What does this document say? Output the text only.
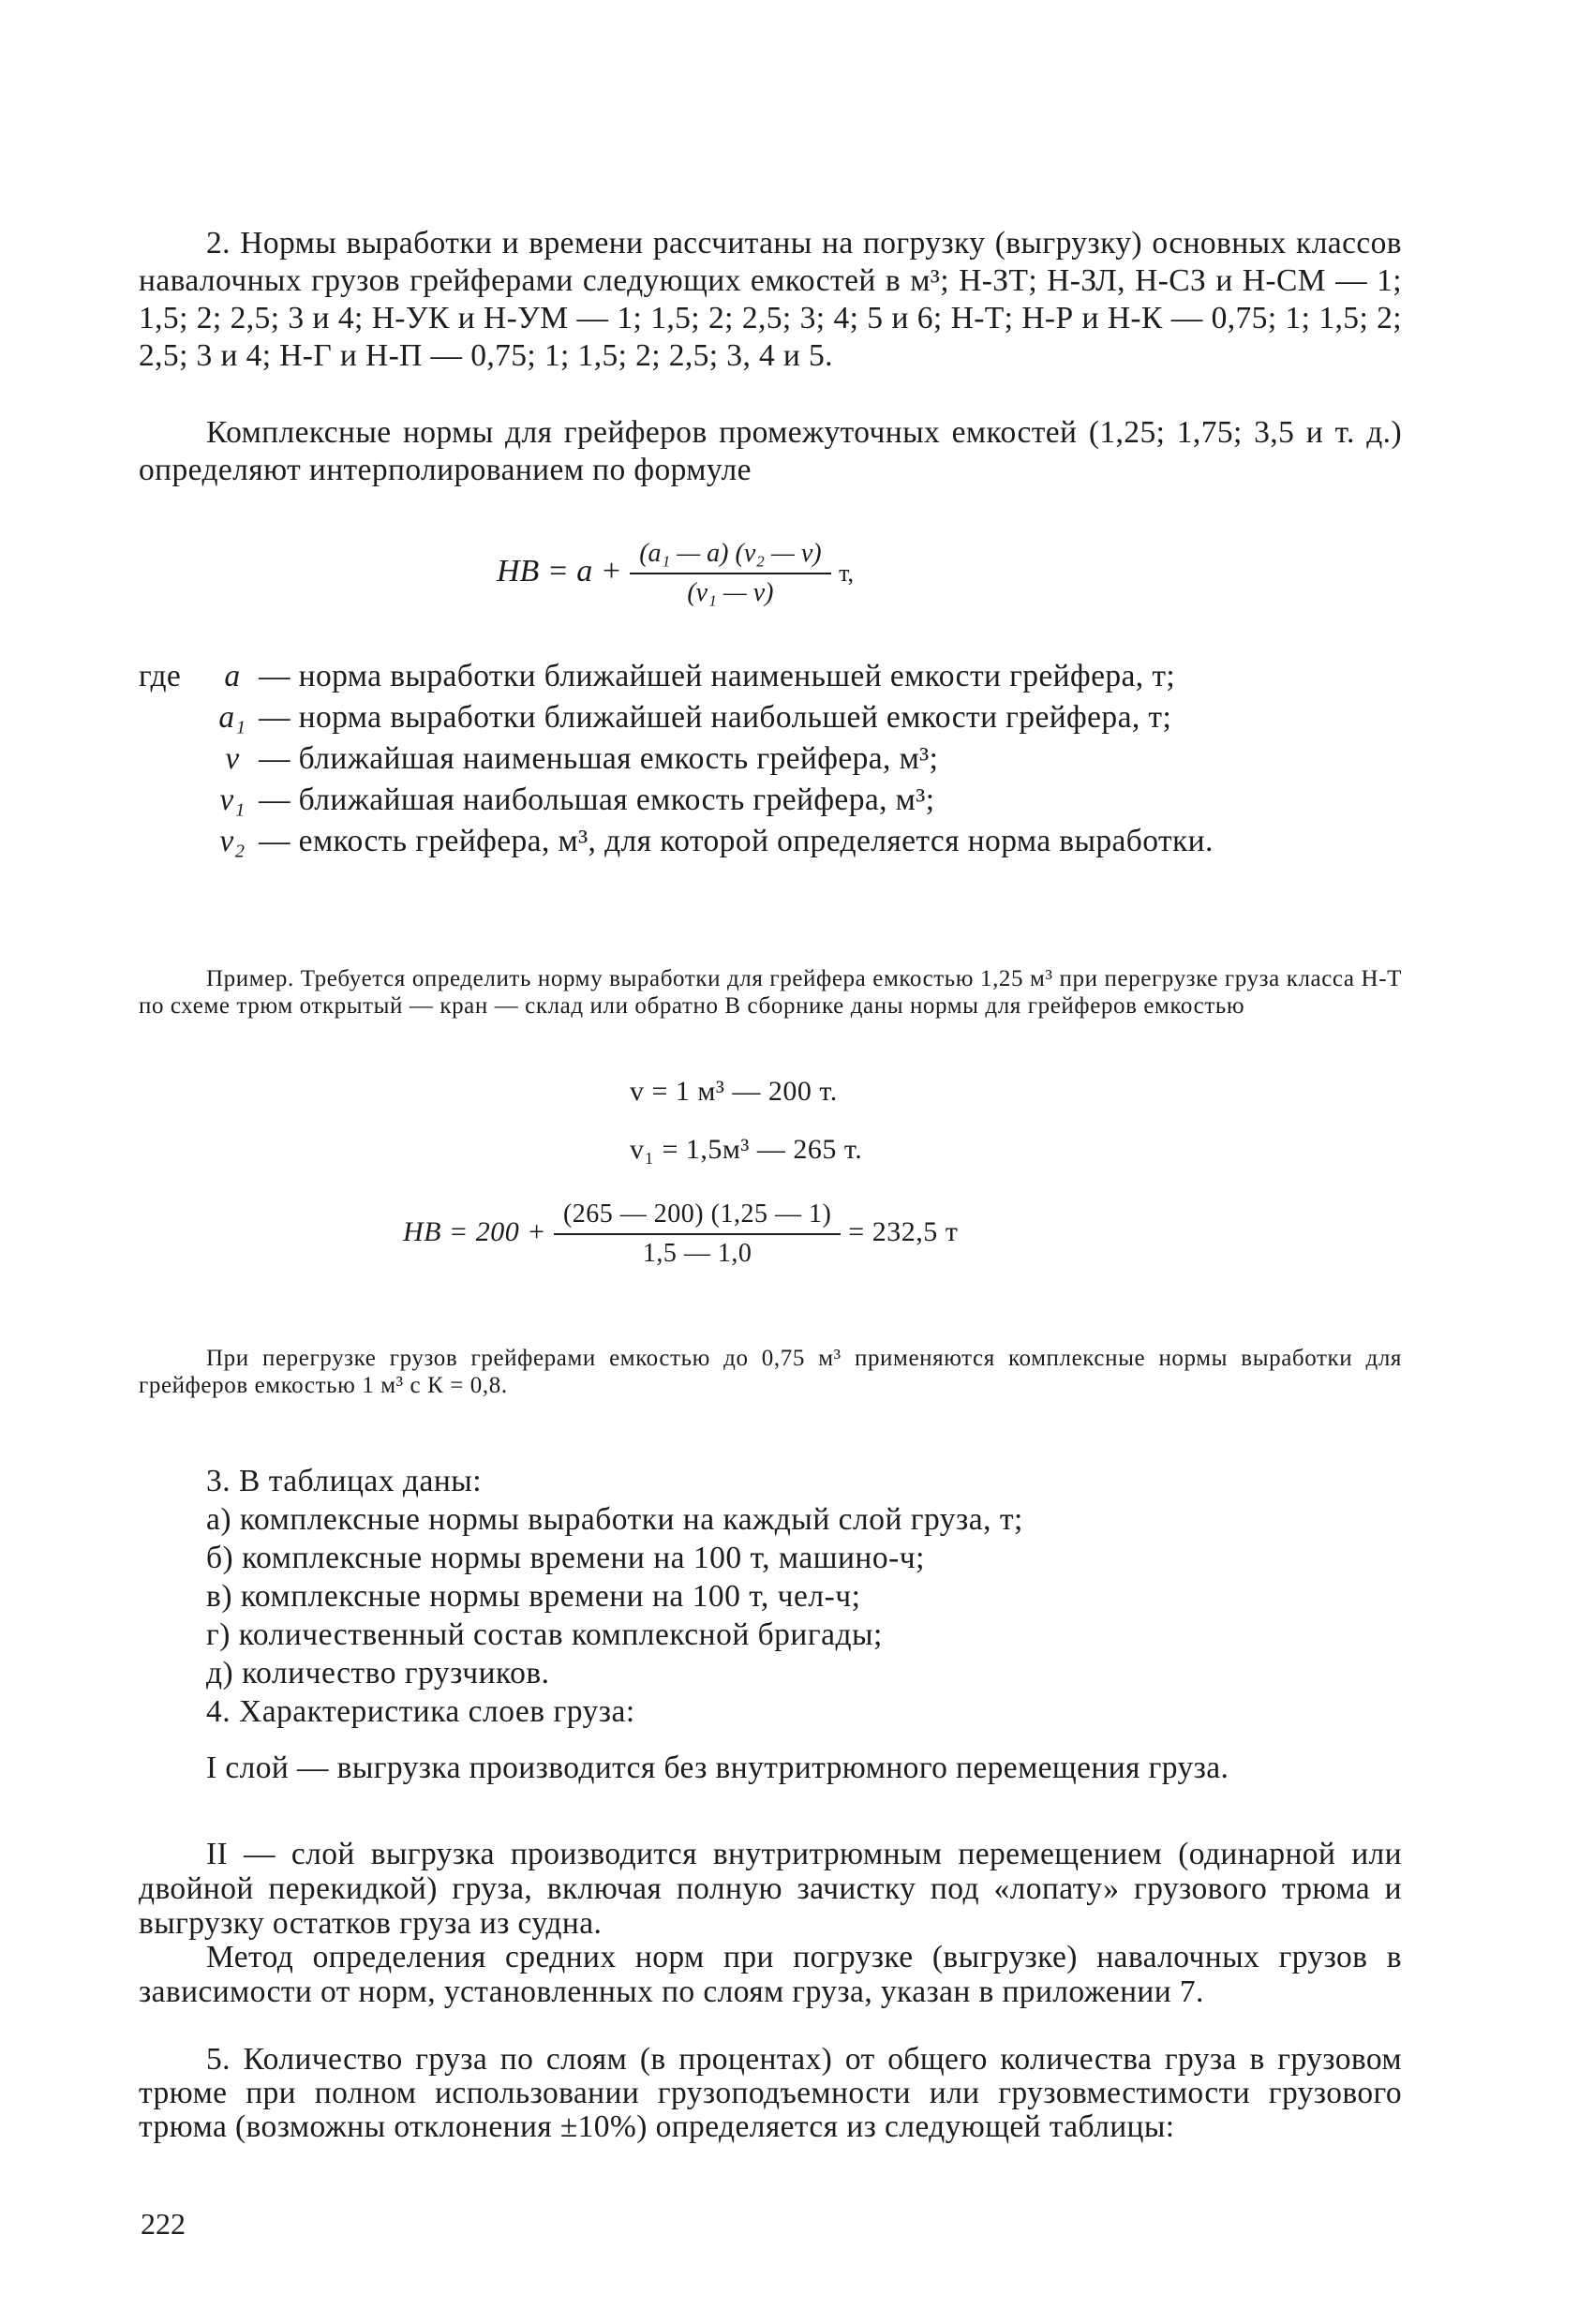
2. Нормы выработки и времени рассчитаны на погрузку (выгрузку) основных классов навалочных грузов грейферами следующих емкостей в м³; Н-ЗТ; Н-ЗЛ, Н-СЗ и Н-СМ — 1; 1,5; 2; 2,5; 3 и 4; Н-УК и Н-УМ — 1; 1,5; 2; 2,5; 3; 4; 5 и 6; Н-Т; Н-Р и Н-К — 0,75; 1; 1,5; 2; 2,5; 3 и 4; Н-Г и Н-П — 0,75; 1; 1,5; 2; 2,5; 3, 4 и 5.

Комплексные нормы для грейферов промежуточных емкостей (1,25; 1,75; 3,5 и т. д.) определяют интерполированием по формуле

НВ = $а + \frac{\text{(а₁ — а) (v₂ — v)}}{\text{(v₁ — v)}} т$,
где	а — норма выработки ближайшей наименьшей емкости грейфера, т;
а₁ — норма выработки ближайшей наибольшей емкости грейфера, т;
v — ближайшая наименьшая емкость грейфера, м³;
v₁ — ближайшая наибольшая емкость грейфера, м³;
v₂ — емкость грейфера, м³, для которой определяется норма выработки.

Пример. Требуется определить норму выработки для грейфера емкостью 1,25 м³ при перегрузке груза класса Н-Т по схеме трюм открытый — кран — склад или обратно В сборнике даны нормы для грейферов емкостью

v = 1 м³ — 200 т.
v₁ = 1,5м³ — 265 т.
НВ = $200 + \frac{(265 — 200) (1,25 — 1)}{1,5 — 1,0} = 232,5$ т

При перегрузке грузов грейферами емкостью до 0,75 м³ применяются комплексные нормы выработки для грейферов емкостью 1 м³ с К = 0,8.

3. В таблицах даны:
а) комплексные нормы выработки на каждый слой груза, т;
б) комплексные нормы времени на 100 т, машино-ч;
в) комплексные нормы времени на 100 т, чел-ч;
г) количественный состав комплексной бригады;
д) количество грузчиков.
4. Характеристика слоев груза:

I слой — выгрузка производится без внутритрюмного перемещения груза.

II — слой выгрузка производится внутритрюмным перемещением (одинарной или двойной перекидкой) груза, включая полную зачистку под «лопату» грузового трюма и выгрузку остатков груза из судна.

Метод определения средних норм при погрузке (выгрузке) навалочных грузов в зависимости от норм, установленных по слоям груза, указан в приложении 7.

5. Количество груза по слоям (в процентах) от общего количества груза в грузовом трюме при полном использовании грузоподъемности или грузовместимости грузового трюма (возможны отклонения ±10%) определяется из следующей таблицы:

222
